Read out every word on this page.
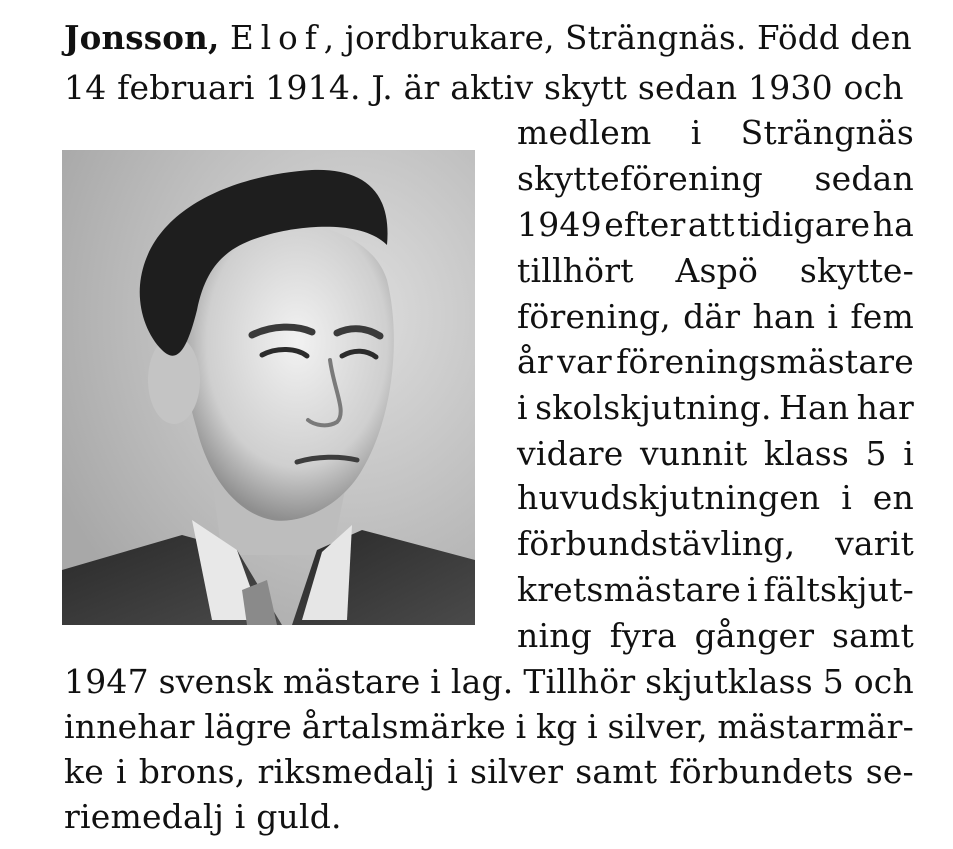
Jonsson, Elof, jordbrukare, Strängnäs. Född den
14 februari 1914. J. är aktiv skytt sedan 1930 och
medlem i Strängnäs
skytteförening sedan
1949 efter att tidigare ha
tillhört Aspö skytte-
förening, där han i fem
år var föreningsmästare
i skolskjutning. Han har
vidare vunnit klass 5 i
huvudskjutningen i en
förbundstävling, varit
kretsmästare i fältskjut-
ning fyra gånger samt
1947 svensk mästare i lag. Tillhör skjutklass 5 och
innehar lägre årtalsmärke i kg i silver, mästarmär-
ke i brons, riksmedalj i silver samt förbundets se-
riemedalj i guld.
